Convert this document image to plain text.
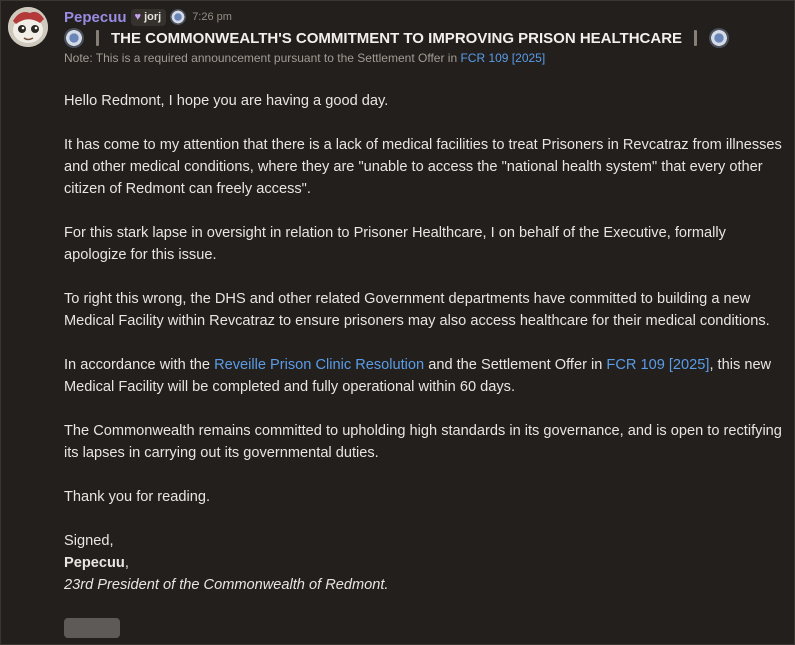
Pepecuu ♥ jorj	7:26 pm
THE COMMONWEALTH'S COMMITMENT TO IMPROVING PRISON HEALTHCARE
Note: This is a required announcement pursuant to the Settlement Offer in FCR 109 [2025]

Hello Redmont, I hope you are having a good day.

It has come to my attention that there is a lack of medical facilities to treat Prisoners in Revcatraz from illnesses and other medical conditions, where they are "unable to access the "national health system" that every other citizen of Redmont can freely access".

For this stark lapse in oversight in relation to Prisoner Healthcare, I on behalf of the Executive, formally apologize for this issue.

To right this wrong, the DHS and other related Government departments have committed to building a new Medical Facility within Revcatraz to ensure prisoners may also access healthcare for their medical conditions.

In accordance with the Reveille Prison Clinic Resolution and the Settlement Offer in FCR 109 [2025], this new Medical Facility will be completed and fully operational within 60 days.

The Commonwealth remains committed to upholding high standards in its governance, and is open to rectifying its lapses in carrying out its governmental duties.

Thank you for reading.

Signed,

Pepecuu,

23rd President of the Commonwealth of Redmont.
